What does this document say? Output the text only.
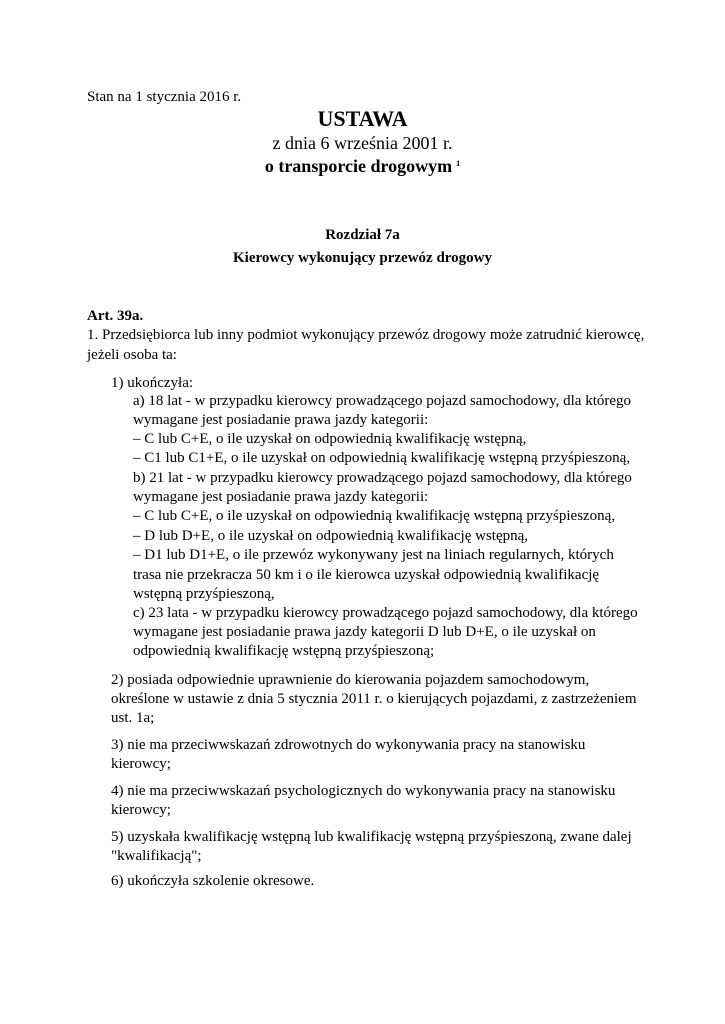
Stan na 1 stycznia 2016 r.
USTAWA
z dnia 6 września 2001 r.
o transporcie drogowym $^1$
Rozdział 7a
Kierowcy wykonujący przewóz drogowy
Art. 39a.
1. Przedsiębiorca lub inny podmiot wykonujący przewóz drogowy może zatrudnić kierowcę,
jeżeli osoba ta:
1) ukończyła:
a) 18 lat - w przypadku kierowcy prowadzącego pojazd samochodowy, dla którego
wymagane jest posiadanie prawa jazdy kategorii:
– C lub C+E, o ile uzyskał on odpowiednią kwalifikację wstępną,
– C1 lub C1+E, o ile uzyskał on odpowiednią kwalifikację wstępną przyśpieszoną,
b) 21 lat - w przypadku kierowcy prowadzącego pojazd samochodowy, dla którego
wymagane jest posiadanie prawa jazdy kategorii:
– C lub C+E, o ile uzyskał on odpowiednią kwalifikację wstępną przyśpieszoną,
– D lub D+E, o ile uzyskał on odpowiednią kwalifikację wstępną,
– D1 lub D1+E, o ile przewóz wykonywany jest na liniach regularnych, których
trasa nie przekracza 50 km i o ile kierowca uzyskał odpowiednią kwalifikację
wstępną przyśpieszoną,
c) 23 lata - w przypadku kierowcy prowadzącego pojazd samochodowy, dla którego
wymagane jest posiadanie prawa jazdy kategorii D lub D+E, o ile uzyskał on
odpowiednią kwalifikację wstępną przyśpieszoną;
2) posiada odpowiednie uprawnienie do kierowania pojazdem samochodowym,
określone w ustawie z dnia 5 stycznia 2011 r. o kierujących pojazdami, z zastrzeżeniem
ust. 1a;
3) nie ma przeciwwskazań zdrowotnych do wykonywania pracy na stanowisku
kierowcy;
4) nie ma przeciwwskazań psychologicznych do wykonywania pracy na stanowisku
kierowcy;
5) uzyskała kwalifikację wstępną lub kwalifikację wstępną przyśpieszoną, zwane dalej
"kwalifikacją";
6) ukończyła szkolenie okresowe.
